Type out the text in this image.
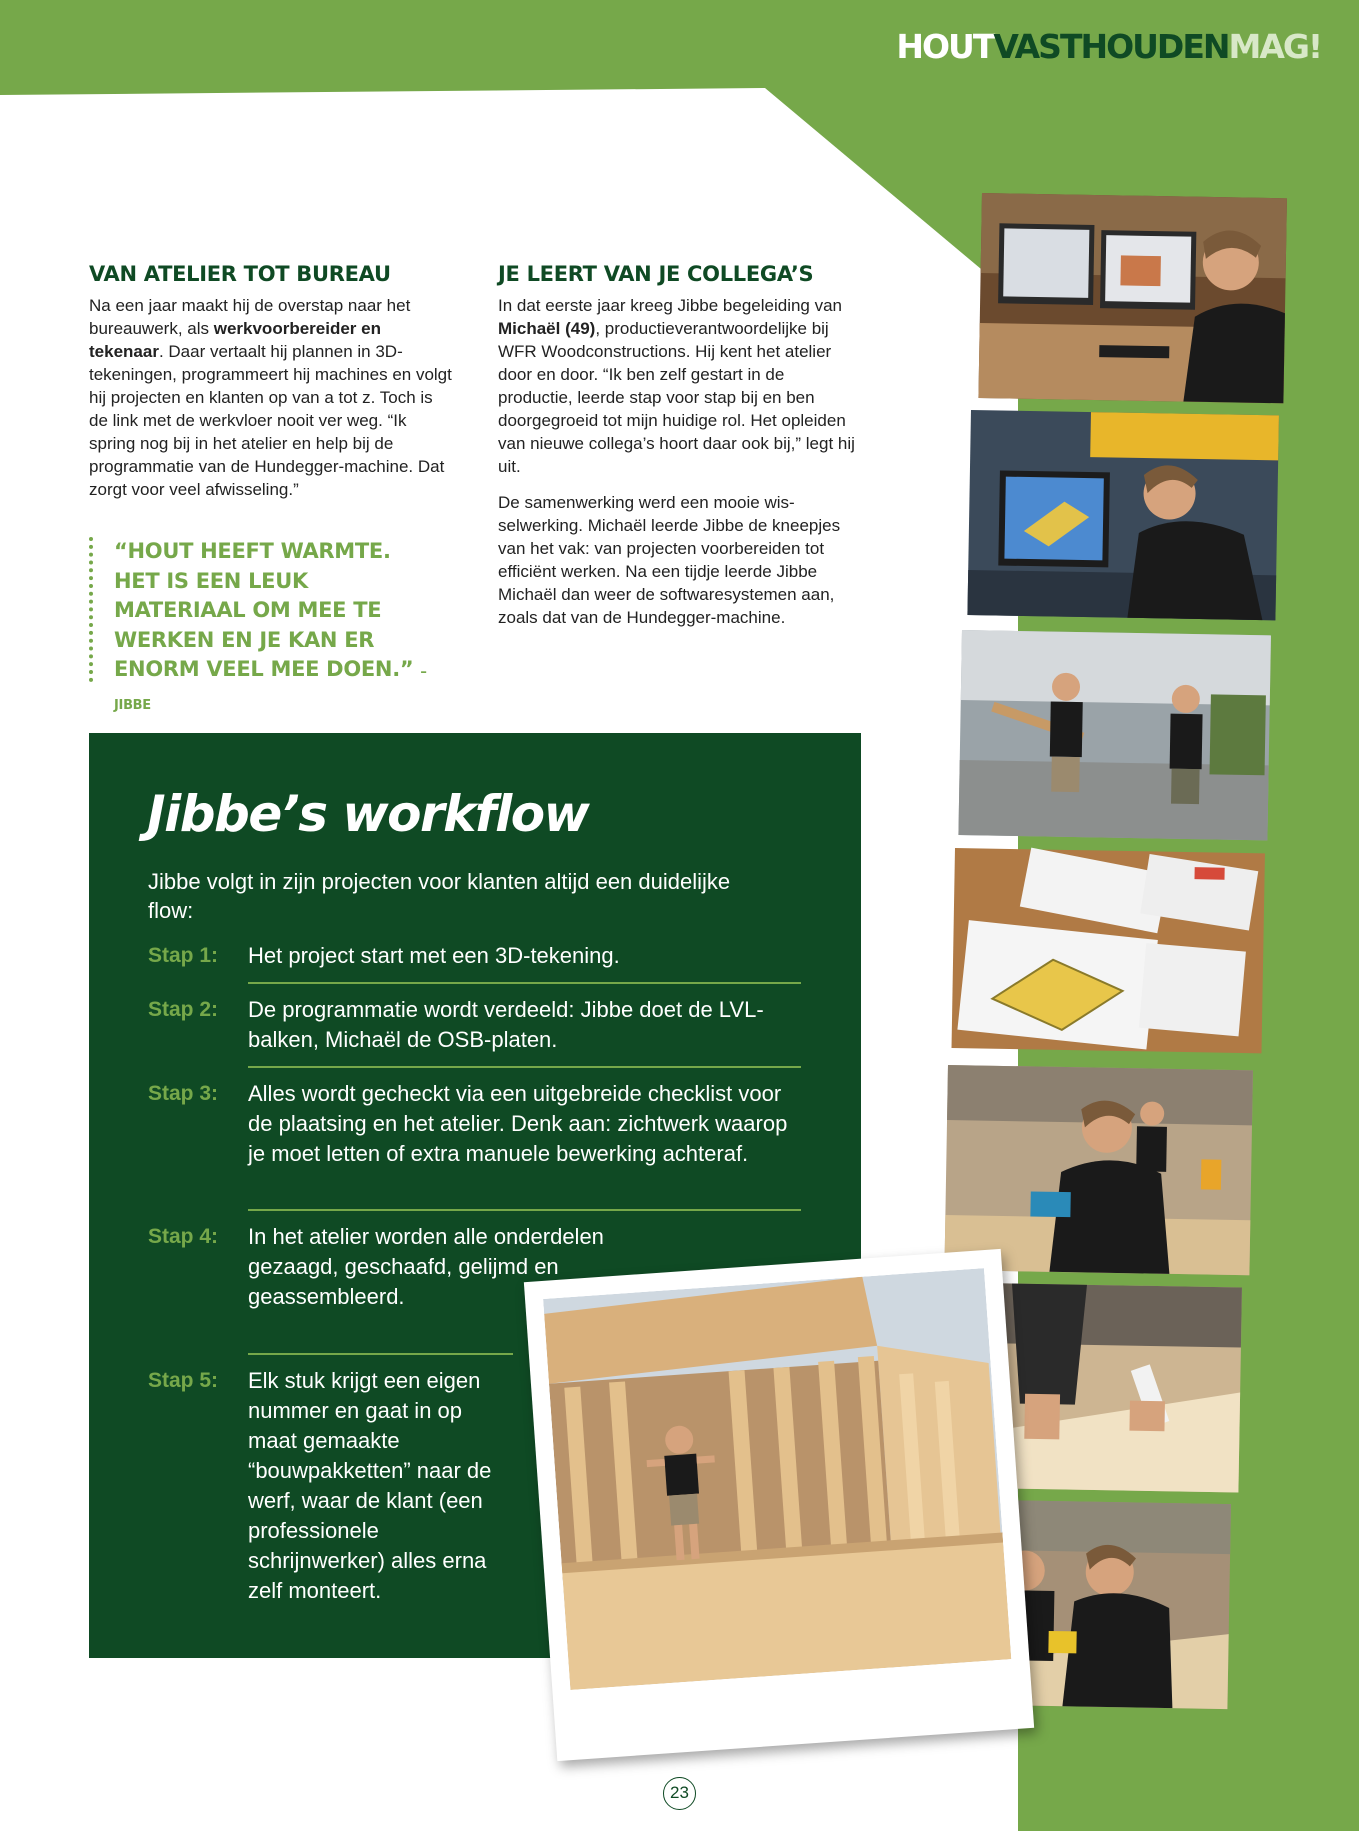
HOUTVASTHOUDENMAG!
VAN ATELIER TOT BUREAU

Na een jaar maakt hij de overstap naar het bureauwerk, als werkvoorbereider en tekenaar. Daar vertaalt hij plannen in 3D-tekeningen, programmeert hij machines en volgt hij projecten en klanten op van a tot z. Toch is de link met de werkvloer nooit ver weg. “Ik spring nog bij in het atelier en help bij de programmatie van de Hundegger-machine. Dat zorgt voor veel afwisseling.”

“HOUT HEEFT WARMTE. HET IS EEN LEUK MATERIAAL OM MEE TE WERKEN EN JE KAN ER ENORM VEEL MEE DOEN.” – JIBBE
JE LEERT VAN JE COLLEGA’S

In dat eerste jaar kreeg Jibbe begeleiding van Michaël (49), productieverantwoordelijke bij WFR Woodconstructions. Hij kent het atelier door en door. “Ik ben zelf gestart in de productie, leerde stap voor stap bij en ben doorgegroeid tot mijn huidige rol. Het opleiden van nieuwe collega’s hoort daar ook bij,” legt hij uit.

De samenwerking werd een mooie wisselwerking. Michaël leerde Jibbe de kneepjes van het vak: van projecten voorbereiden tot efficiënt werken. Na een tijdje leerde Jibbe Michaël dan weer de softwaresystemen aan, zoals dat van de Hundegger-machine.

Jibbe’s workflow
Jibbe volgt in zijn projecten voor klanten altijd een duidelijke flow:
Stap 1:	Het project start met een 3D-tekening.
Stap 2:	De programmatie wordt verdeeld: Jibbe doet de LVL-balken, Michaël de OSB-platen.
Stap 3:	Alles wordt gecheckt via een uitgebreide checklist voor de plaatsing en het atelier. Denk aan: zichtwerk waarop je moet letten of extra manuele bewerking achteraf.
Stap 4:	In het atelier worden alle onderdelen gezaagd, geschaafd, gelijmd en geassembleerd.
Stap 5:	Elk stuk krijgt een eigen nummer en gaat in op maat gemaakte “bouwpakketten” naar de werf, waar de klant (een professionele schrijnwerker) alles erna zelf monteert.
23
